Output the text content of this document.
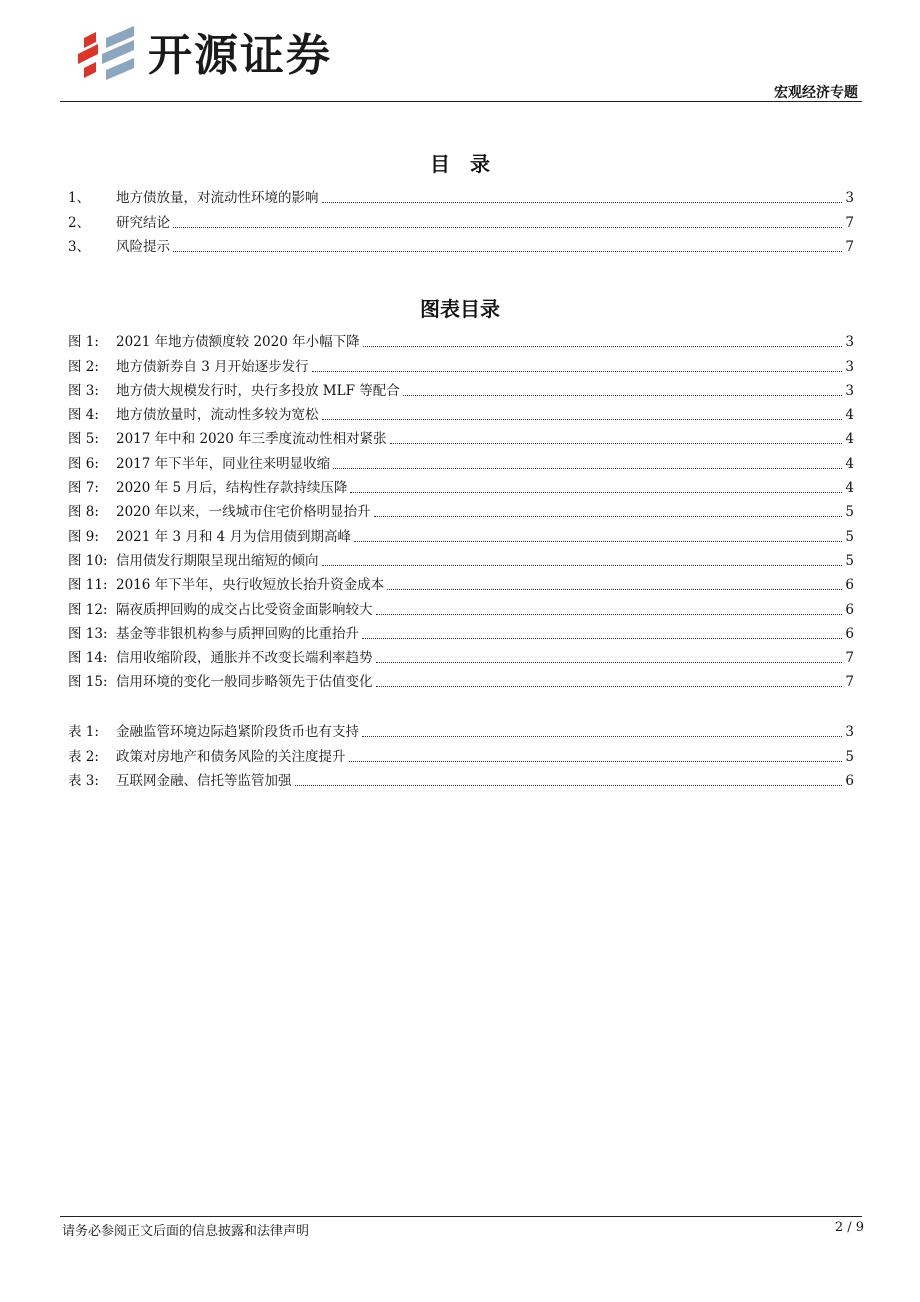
开源证券
宏观经济专题
目　录
1、	地方债放量，对流动性环境的影响	3
2、	研究结论	7
3、	风险提示	7
图表目录
图 1:	2021 年地方债额度较 2020 年小幅下降	3
图 2:	地方债新券自 3 月开始逐步发行	3
图 3:	地方债大规模发行时，央行多投放 MLF 等配合	3
图 4:	地方债放量时，流动性多较为宽松	4
图 5:	2017 年中和 2020 年三季度流动性相对紧张	4
图 6:	2017 年下半年，同业往来明显收缩	4
图 7:	2020 年 5 月后，结构性存款持续压降	4
图 8:	2020 年以来，一线城市住宅价格明显抬升	5
图 9:	2021 年 3 月和 4 月为信用债到期高峰	5
图 10: 信用债发行期限呈现出缩短的倾向	5
图 11: 2016 年下半年，央行收短放长抬升资金成本	6
图 12: 隔夜质押回购的成交占比受资金面影响较大	6
图 13: 基金等非银机构参与质押回购的比重抬升	6
图 14: 信用收缩阶段，通胀并不改变长端利率趋势	7
图 15: 信用环境的变化一般同步略领先于估值变化	7
表 1:	金融监管环境边际趋紧阶段货币也有支持	3
表 2:	政策对房地产和债务风险的关注度提升	5
表 3:	互联网金融、信托等监管加强	6
请务必参阅正文后面的信息披露和法律声明	2 / 9
